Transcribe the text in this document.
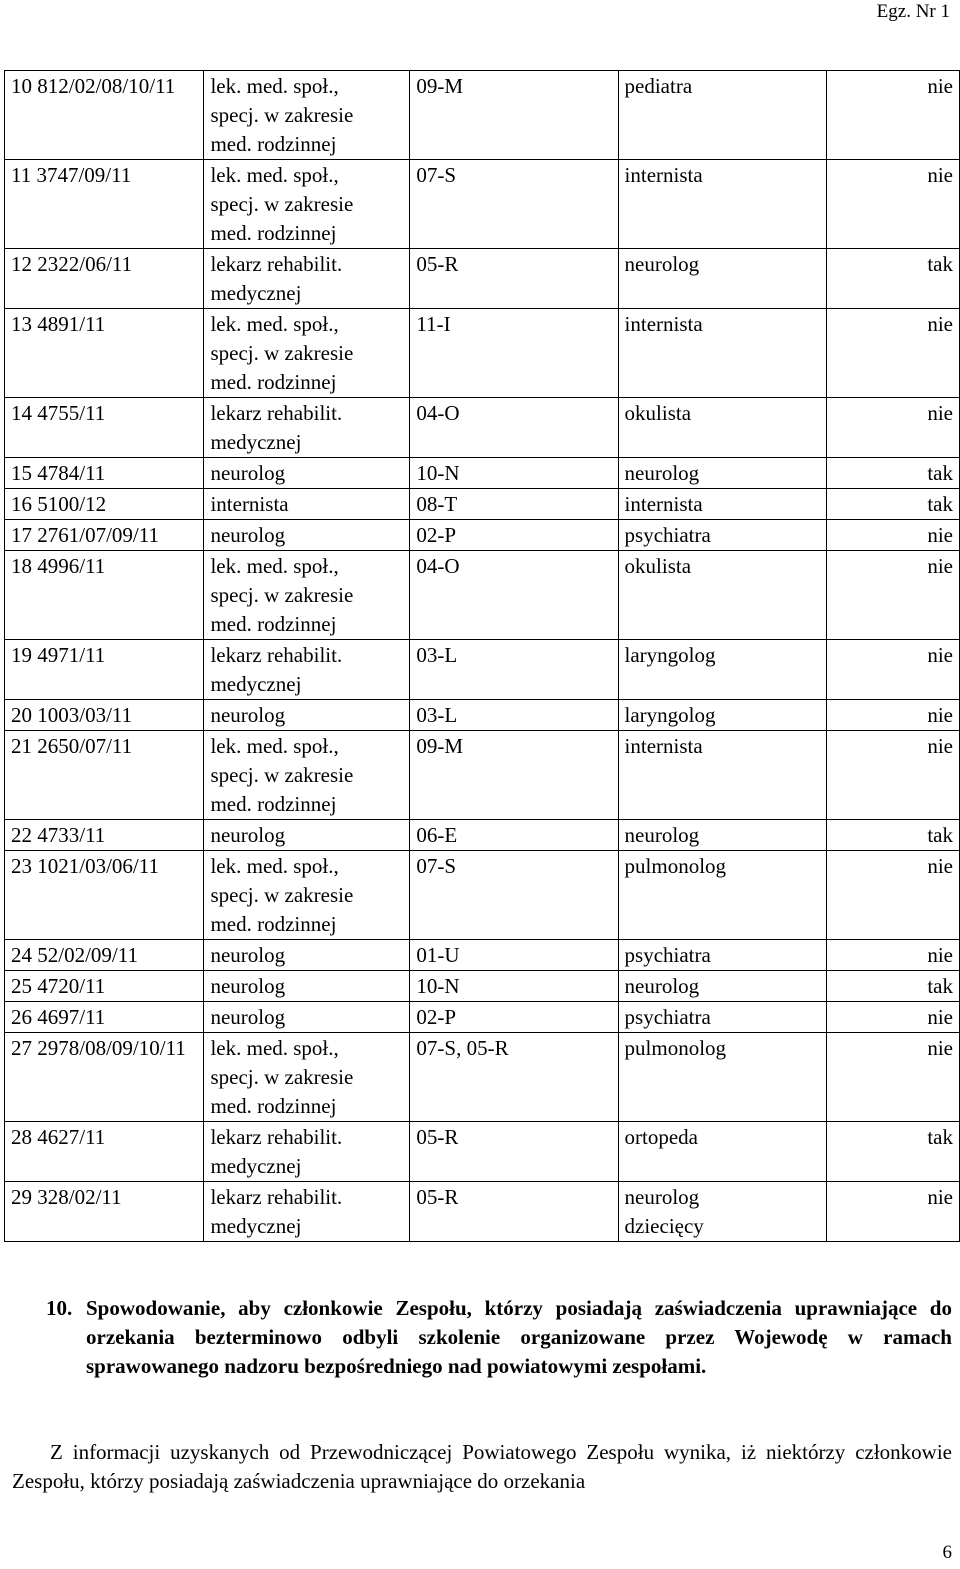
Egz. Nr 1
10 812/02/08/10/11	lek. med. społ.,
specj. w zakresie
med. rodzinnej	09-M	pediatra	nie
11 3747/09/11	lek. med. społ.,
specj. w zakresie
med. rodzinnej	07-S	internista	nie
12 2322/06/11	lekarz rehabilit.
medycznej	05-R	neurolog	tak
13 4891/11	lek. med. społ.,
specj. w zakresie
med. rodzinnej	11-I	internista	nie
14 4755/11	lekarz rehabilit.
medycznej	04-O	okulista	nie
15 4784/11	neurolog	10-N	neurolog	tak
16 5100/12	internista	08-T	internista	tak
17 2761/07/09/11	neurolog	02-P	psychiatra	nie
18 4996/11	lek. med. społ.,
specj. w zakresie
med. rodzinnej	04-O	okulista	nie
19 4971/11	lekarz rehabilit.
medycznej	03-L	laryngolog	nie
20 1003/03/11	neurolog	03-L	laryngolog	nie
21 2650/07/11	lek. med. społ.,
specj. w zakresie
med. rodzinnej	09-M	internista	nie
22 4733/11	neurolog	06-E	neurolog	tak
23 1021/03/06/11	lek. med. społ.,
specj. w zakresie
med. rodzinnej	07-S	pulmonolog	nie
24 52/02/09/11	neurolog	01-U	psychiatra	nie
25 4720/11	neurolog	10-N	neurolog	tak
26 4697/11	neurolog	02-P	psychiatra	nie
27 2978/08/09/10/11	lek. med. społ.,
specj. w zakresie
med. rodzinnej	07-S, 05-R	pulmonolog	nie
28 4627/11	lekarz rehabilit.
medycznej	05-R	ortopeda	tak
29 328/02/11	lekarz rehabilit.
medycznej	05-R	neurolog
dziecięcy	nie
10. Spowodowanie, aby członkowie Zespołu, którzy posiadają zaświadczenia uprawniające do orzekania bezterminowo odbyli szkolenie organizowane przez Wojewodę w ramach sprawowanego nadzoru bezpośredniego nad powiatowymi zespołami.
Z informacji uzyskanych od Przewodniczącej Powiatowego Zespołu wynika, iż niektórzy członkowie Zespołu, którzy posiadają zaświadczenia uprawniające do orzekania
6
